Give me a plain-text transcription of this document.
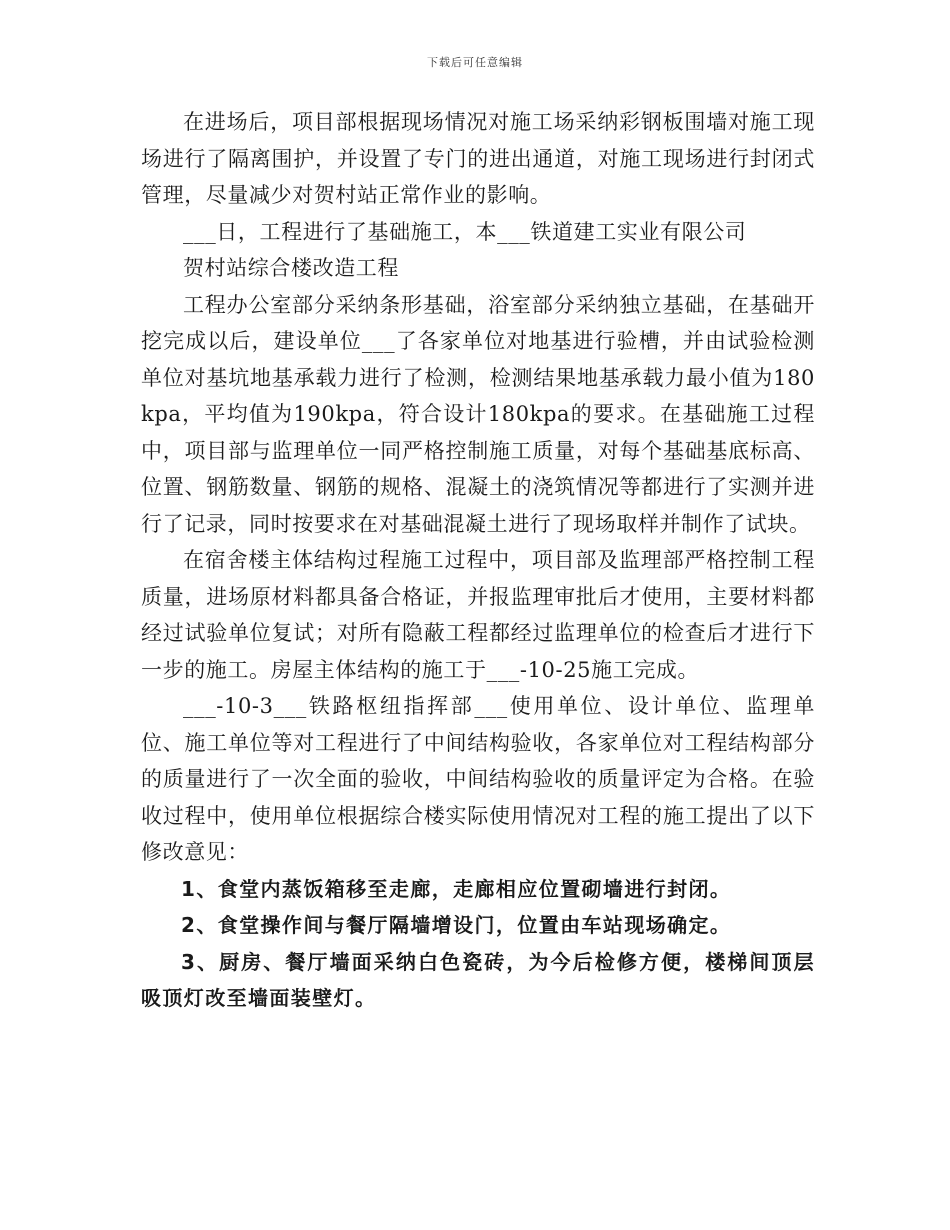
下载后可任意编辑

在进场后，项目部根据现场情况对施工场采纳彩钢板围墙对施工现场进行了隔离围护，并设置了专门的进出通道，对施工现场进行封闭式管理，尽量减少对贺村站正常作业的影响。

___日，工程进行了基础施工，本___铁道建工实业有限公司

贺村站综合楼改造工程

工程办公室部分采纳条形基础，浴室部分采纳独立基础，在基础开挖完成以后，建设单位___了各家单位对地基进行验槽，并由试验检测单位对基坑地基承载力进行了检测，检测结果地基承载力最小值为180kpa，平均值为190kpa，符合设计180kpa的要求。在基础施工过程中，项目部与监理单位一同严格控制施工质量，对每个基础基底标高、位置、钢筋数量、钢筋的规格、混凝土的浇筑情况等都进行了实测并进行了记录，同时按要求在对基础混凝土进行了现场取样并制作了试块。

在宿舍楼主体结构过程施工过程中，项目部及监理部严格控制工程质量，进场原材料都具备合格证，并报监理审批后才使用，主要材料都经过试验单位复试；对所有隐蔽工程都经过监理单位的检查后才进行下一步的施工。房屋主体结构的施工于___-10-25施工完成。

___-10-3___铁路枢纽指挥部___使用单位、设计单位、监理单位、施工单位等对工程进行了中间结构验收，各家单位对工程结构部分的质量进行了一次全面的验收，中间结构验收的质量评定为合格。在验收过程中，使用单位根据综合楼实际使用情况对工程的施工提出了以下修改意见：

1、食堂内蒸饭箱移至走廊，走廊相应位置砌墙进行封闭。

2、食堂操作间与餐厅隔墙增设门，位置由车站现场确定。

3、厨房、餐厅墙面采纳白色瓷砖，为今后检修方便，楼梯间顶层吸顶灯改至墙面装壁灯。
